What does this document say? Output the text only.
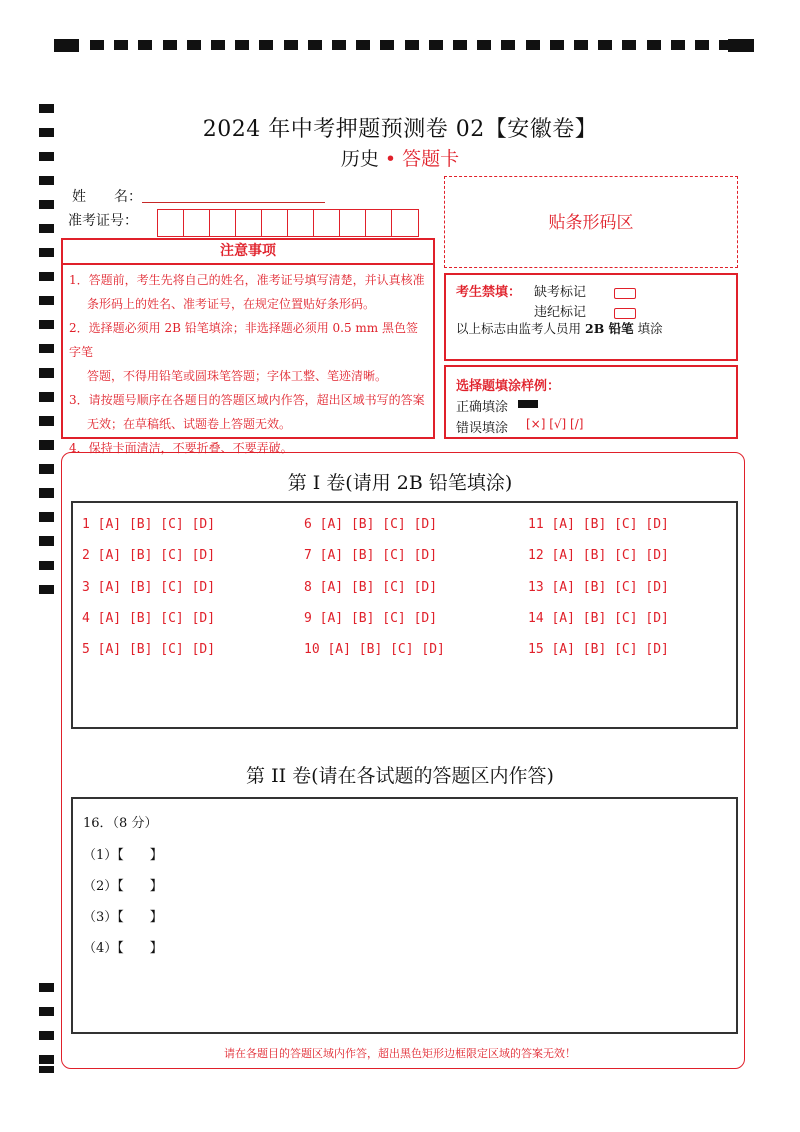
2024 年中考押题预测卷 02【安徽卷】
历史 • 答题卡
姓　　名：
准考证号：	贴条形码区
注意事项
1．答题前，考生先将自己的姓名，准考证号填写清楚，并认真核准
条形码上的姓名、准考证号，在规定位置贴好条形码。
2．选择题必须用 2B 铅笔填涂；非选择题必须用 0.5 mm 黑色签字笔
答题，不得用铅笔或圆珠笔答题；字体工整、笔迹清晰。
3．请按题号顺序在各题目的答题区域内作答，超出区域书写的答案
无效；在草稿纸、试题卷上答题无效。
4．保持卡面清洁，不要折叠、不要弄破。
考生禁填： 缺考标记
违纪标记
以上标志由监考人员用 2B 铅笔 填涂
选择题填涂样例：
正确填涂
错误填涂 [×] [√] [/]
第 I 卷(请用 2B 铅笔填涂)
1 [A] [B] [C] [D]
2 [A] [B] [C] [D]
3 [A] [B] [C] [D]
4 [A] [B] [C] [D]
5 [A] [B] [C] [D]
6 [A] [B] [C] [D]
7 [A] [B] [C] [D]
8 [A] [B] [C] [D]
9 [A] [B] [C] [D]
10 [A] [B] [C] [D]
11 [A] [B] [C] [D]
12 [A] [B] [C] [D]
13 [A] [B] [C] [D]
14 [A] [B] [C] [D]
15 [A] [B] [C] [D]
第 II 卷(请在各试题的答题区内作答)
16．（8 分）
（1）【　　】
（2）【　　】
（3）【　　】
（4）【　　】
请在各题目的答题区域内作答，超出黑色矩形边框限定区域的答案无效！
